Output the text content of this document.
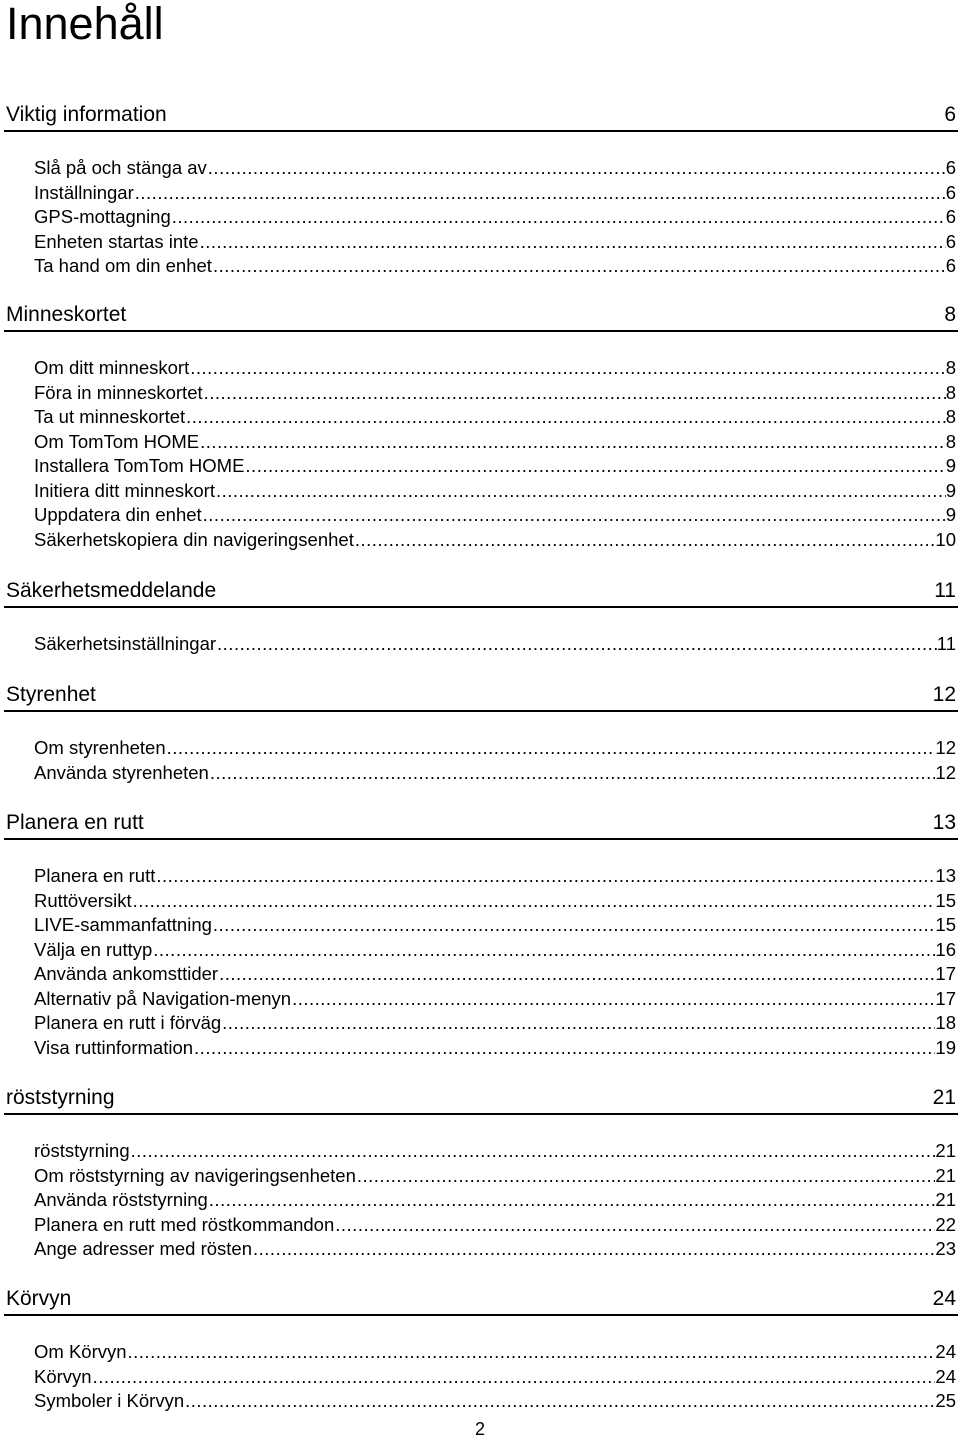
Innehåll
Viktig information	6
Slå på och stänga av .....	6
Inställningar .....	6
GPS-mottagning .....	6
Enheten startas inte .....	6
Ta hand om din enhet .....	6
Minneskortet	8
Om ditt minneskort .....	8
Föra in minneskortet .....	8
Ta ut minneskortet .....	8
Om TomTom HOME .....	8
Installera TomTom HOME .....	9
Initiera ditt minneskort .....	9
Uppdatera din enhet .....	9
Säkerhetskopiera din navigeringsenhet .....	10
Säkerhetsmeddelande	11
Säkerhetsinställningar .....	11
Styrenhet	12
Om styrenheten .....	12
Använda styrenheten .....	12
Planera en rutt	13
Planera en rutt .....	13
Ruttöversikt .....	15
LIVE-sammanfattning .....	15
Välja en ruttyp .....	16
Använda ankomsttider .....	17
Alternativ på Navigation-menyn .....	17
Planera en rutt i förväg .....	18
Visa ruttinformation .....	19
röststyrning	21
röststyrning .....	21
Om röststyrning av navigeringsenheten .....	21
Använda röststyrning .....	21
Planera en rutt med röstkommandon .....	22
Ange adresser med rösten .....	23
Körvyn	24
Om Körvyn .....	24
Körvyn .....	24
Symboler i Körvyn .....	25
2
